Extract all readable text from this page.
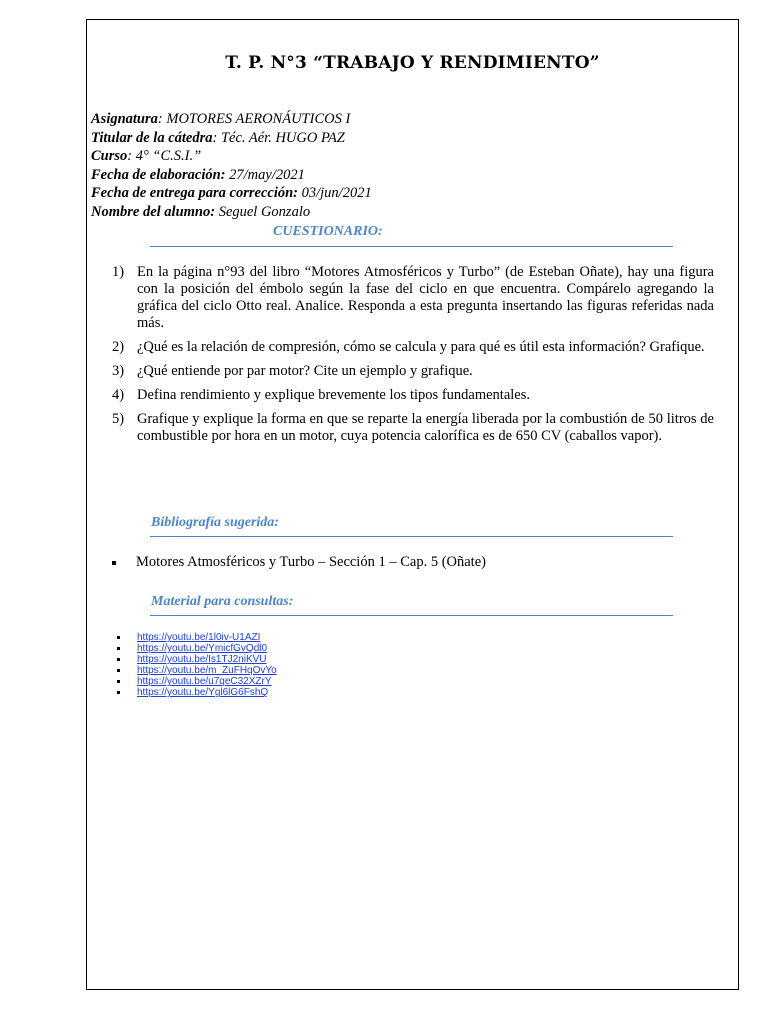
T. P. N°3 “TRABAJO Y RENDIMIENTO”
Asignatura: MOTORES AERONÁUTICOS I
Titular de la cátedra: Téc. Aér. HUGO PAZ
Curso: 4° “C.S.I.”
Fecha de elaboración: 27/may/2021
Fecha de entrega para corrección: 03/jun/2021
Nombre del alumno: Seguel Gonzalo
CUESTIONARIO:
1) En la página n°93 del libro “Motores Atmosféricos y Turbo” (de Esteban Oñate), hay una figura con la posición del émbolo según la fase del ciclo en que encuentra. Compárelo agregando la gráfica del ciclo Otto real. Analice. Responda a esta pregunta insertando las figuras referidas nada más.
2) ¿Qué es la relación de compresión, cómo se calcula y para qué es útil esta información? Grafique.
3) ¿Qué entiende por par motor? Cite un ejemplo y grafique.
4) Defina rendimiento y explique brevemente los tipos fundamentales.
5) Grafique y explique la forma en que se reparte la energía liberada por la combustión de 50 litros de combustible por hora en un motor, cuya potencia calorífica es de 650 CV (caballos vapor).
Bibliografía sugerida:
Motores Atmosféricos y Turbo – Sección 1 – Cap. 5 (Oñate)
Material para consultas:
https://youtu.be/1l0iv-U1AZI
https://youtu.be/YmicfGvQdl0
https://youtu.be/Is1TJ2niKVU
https://youtu.be/m_ZuFHqOvYo
https://youtu.be/u7qeC32XZrY
https://youtu.be/Ygl6lG6FshQ
